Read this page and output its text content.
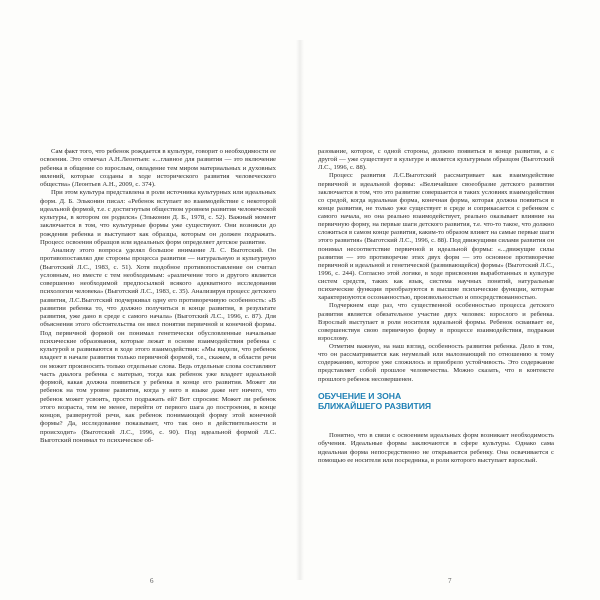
Сам факт того, что ребенок рождается в культуре, говорит о необходимости ее освоения. Это отмечал А.Н.Леонтьев: «...главное для развития — это включение ребенка в общение со взрослым, овладение тем миром материальных и духовных явлений, которые созданы в ходе исторического развития человеческого общества» (Леонтьев А.Н., 2009, с. 374).

При этом культура представлена в роли источника культурных или идеальных форм. Д. Б. Эльконин писал: «Ребенок вступает во взаимодействие с некоторой идеальной формой, т.е. с достигнутым обществом уровнем развития человеческой культуры, в котором он родился» (Эльконин Д. Б., 1978, с. 52). Важный момент заключается в том, что культурные формы уже существуют. Они возникли до рождения ребенка и выступают как образцы, которым он должен подражать. Процесс освоения образцов или идеальных форм определяет детское развитие.

Анализу этого вопроса уделял большое внимание Л. С. Выготский. Он противопоставлял две стороны процесса развития — натуральную и культурную (Выготский Л.С., 1983, с. 51). Хотя подобное противопоставление он считал условным, но вместе с тем необходимым: «различение того и другого является совершенно необходимой предпосылкой всякого адекватного исследования психологии человека» (Выготский Л.С., 1983, с. 35). Анализируя процесс детского развития, Л.С.Выготский подчеркивал одну его противоречивую особенность: «В развитии ребенка то, что должно получиться в конце развития, в результате развития, уже дано в среде с самого начала» (Выготский Л.С., 1996, с. 87). Для объяснения этого обстоятельства он ввел понятия первичной и конечной формы. Под первичной формой он понимал генетически обусловленные начальные психические образования, которые лежат в основе взаимодействия ребенка с культурой и развиваются в ходе этого взаимодействия: «Мы видели, что ребенок владеет в начале развития только первичной формой, т.е., скажем, в области речи он может произносить только отдельные слова. Ведь отдельные слова составляют часть диалога ребенка с матерью, тогда как ребенок уже владеет идеальной формой, какая должна появиться у ребенка в конце его развития. Может ли ребенок на том уровне развития, когда у него в языке даже нет ничего, что ребенок может усвоить, просто подражать ей? Вот спросим: Может ли ребенок этого возраста, тем не менее, перейти от первого шага до построения, в конце концов, развернутой речи, как ребенок понимающей форму этой конечной формы? Да, исследование показывает, что так оно в действительности и происходит» (Выготский Л.С., 1996, с. 90). Под идеальной формой Л.С. Выготский понимал то психическое об-

6

разование, которое, с одной стороны, должно появиться в конце развития, а с другой — уже существует в культуре и является культурным образцом (Выготский Л.С., 1996, с. 88).

Процесс развития Л.С.Выготский рассматривает как взаимодействие первичной и идеальной формы: «Величайшее своеобразие детского развития заключается в том, что это развитие совершается в таких условиях взаимодействия со средой, когда идеальная форма, конечная форма, которая должна появиться в конце развития, не только уже существует в среде и соприкасается с ребенком с самого начала, но она реально взаимодействует, реально оказывает влияние на первичную форму, на первые шаги детского развития, т.е. что-то такое, что должно сложиться в самом конце развития, каким-то образом влияет на самые первые шаги этого развития» (Выготский Л.С., 1996, с. 88). Под движущими силами развития он понимал несоответствие первичной и идеальной формы: «...движущие силы развития — это противоречие этих двух форм — это основное противоречие первичной и идеальной и генетической (развивающейся) формы» (Выготский Л.С., 1996, с. 244). Согласно этой логике, в ходе присвоения выработанных в культуре систем средств, таких как язык, система научных понятий, натуральные психические функции преобразуются в высшие психические функции, которые характеризуются осознанностью, произвольностью и опосредствованностью.

Подчеркнем еще раз, что существенной особенностью процесса детского развития является обязательное участие двух человек: взрослого и ребенка. Взрослый выступает в роли носителя идеальной формы. Ребенок осваивает ее, совершенствуя свою первичную форму в процессе взаимодействия, подражая взрослому.

Отметим важную, на наш взгляд, особенность развития ребенка. Дело в том, что он рассматривается как неумелый или малознающий по отношению к тому содержанию, которое уже сложилось и приобрело устойчивость. Это содержание представляет собой прошлое человечества. Можно сказать, что в контексте прошлого ребенок несовершенен.

ОБУЧЕНИЕ И ЗОНА
БЛИЖАЙШЕГО РАЗВИТИЯ

Понятно, что в связи с освоением идеальных форм возникает необходимость обучения. Идеальные формы заключаются в сфере культуры. Однако сама идеальная форма непосредственно не открывается ребенку. Она освачивается с помощью ее носителя или посредника, в роли которого выступает взрослый.

7
